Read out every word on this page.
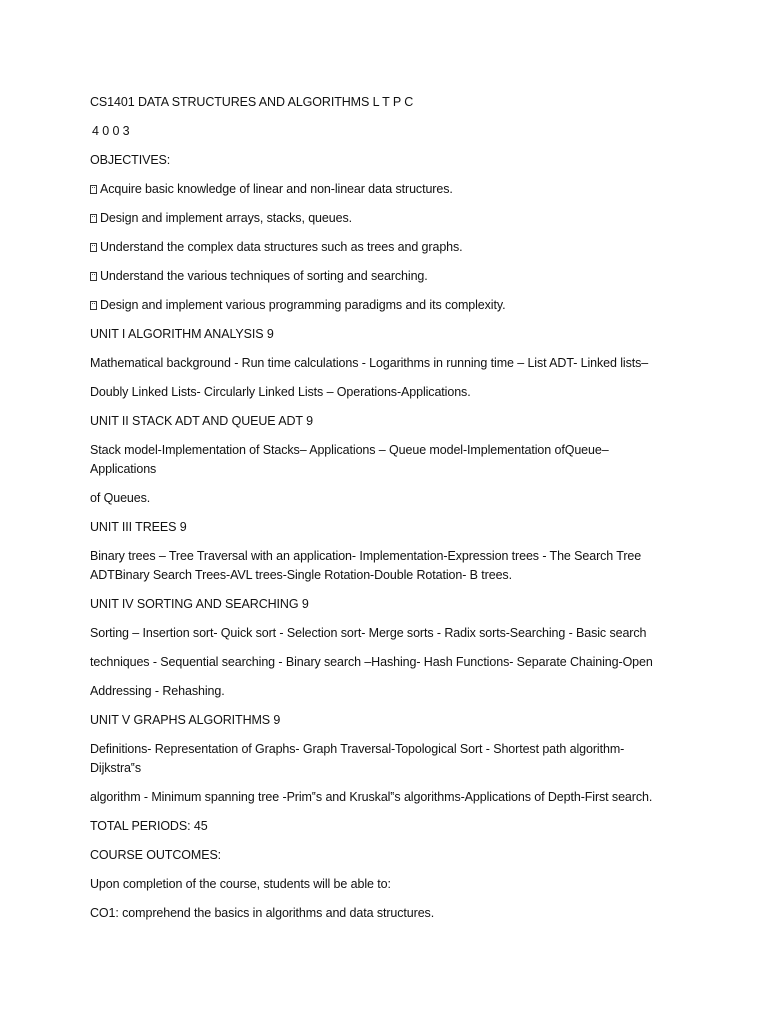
CS1401 DATA STRUCTURES AND ALGORITHMS L T P C
4 0 0 3
OBJECTIVES:
Acquire basic knowledge of linear and non-linear data structures.
Design and implement arrays, stacks, queues.
Understand the complex data structures such as trees and graphs.
Understand the various techniques of sorting and searching.
Design and implement various programming paradigms and its complexity.
UNIT I ALGORITHM ANALYSIS 9
Mathematical background - Run time calculations - Logarithms in running time – List ADT- Linked lists–
Doubly Linked Lists- Circularly Linked Lists – Operations-Applications.
UNIT II STACK ADT AND QUEUE ADT 9
Stack model-Implementation of Stacks– Applications – Queue model-Implementation ofQueue–
Applications
of Queues.
UNIT III TREES 9
Binary trees – Tree Traversal with an application- Implementation-Expression trees - The Search Tree
ADTBinary Search Trees-AVL trees-Single Rotation-Double Rotation- B trees.
UNIT IV SORTING AND SEARCHING 9
Sorting – Insertion sort- Quick sort - Selection sort- Merge sorts - Radix sorts-Searching - Basic search
techniques - Sequential searching - Binary search –Hashing- Hash Functions- Separate Chaining-Open
Addressing - Rehashing.
UNIT V GRAPHS ALGORITHMS 9
Definitions- Representation of Graphs- Graph Traversal-Topological Sort - Shortest path algorithm-
Dijkstra‟s
algorithm - Minimum spanning tree -Prim‟s and Kruskal‟s algorithms-Applications of Depth-First search.
TOTAL PERIODS: 45
COURSE OUTCOMES:
Upon completion of the course, students will be able to:
CO1: comprehend the basics in algorithms and data structures.
